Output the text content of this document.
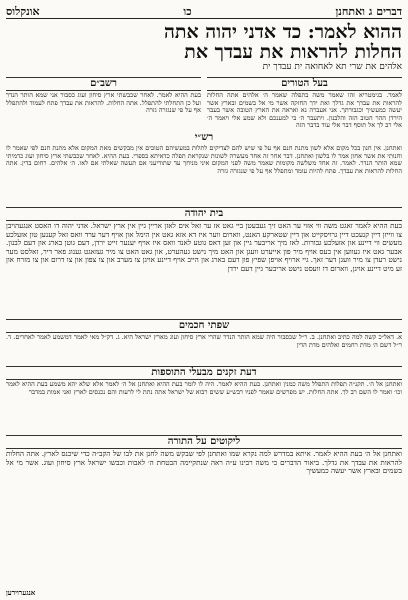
דברים ג ואתחנן
כו
אונקלוס
ההוא לאמר: כד אדני יהוה אתה
החלות להראות את עבדך את
אלהים את שרי תא לאחואה ית עבדך ית
בעל הטורים
לאמר. בגימטריא זהו שאמר משה בתפלה שאמר ה׳ אלהים אתה החלות להראות את עבדך את גדלך ואת ידך החזקה אשר מי אל בשמים ובארץ אשר יעשה כמעשיך וכגבורתך. אני אעברה נא ואראה את הארץ הטובה אשר בעבר הירדן ההר הטוב הזה והלבנון. ויתעבר ה׳ בי למענכם ולא שמע אלי ויאמר ה׳ אלי רב לך אל תוסף דבר אלי עוד בדבר הזה
רשב״ם
בעת ההיא לאמר. לאחר שכבשתי ארץ סיחון ועוג כסבור אני שמא הותר הנדר ועל כן התחלתי להתפלל. אתה החלות. להראות את עבדך פתח לעמוד ולהתפלל אף על פי שנגזרה גזרה
רש״י
ואתחנן. אין חנון בכל מקום אלא לשון מתנת חנם אף על פי שיש להם לצדיקים לתלות במעשיהם הטובים אין מבקשים מאת המקום אלא מתנת חנם לפי שאמר לו וחנותי את אשר אחון אמר לו בלשון ואתחנן. דבר אחר זה אחד מעשרה לשונות שנקראת תפלה כדאיתא בספרי. בעת ההיא. לאחר שכבשתי ארץ סיחון ועוג כדמיתי שמא הותר הנדר. לאמר. זה אחד משלשה מקומות שאמר משה לפני המקום איני מניחך עד שתודיעני אם תעשה שאלתי אם לאו. ה׳ אלהים. רחום בדין. אתה החלות להראות את עבדך. פתח להיות עומד ומתפלל אף על פי שנגזרה גזרה
בית יהודה
בעת ההיא לאמר זאגט משה ווי אזוי ער האט זיך געבעטן ביי גאט אז ער זאל אים לאזן אריין גיין אין ארץ ישראל. אדני יהוה דו האסט אנגעהויבן צו ווייזן דיין קנעכט דיין גרויסקייט און דיין שטארקע האנט, ווארום ווער איז דא אזא גאט אין הימל און אויף דער ערד וואס זאל קענען טון אזעלכע מעשים ווי דיינע און אזעלכע גבורות. לאז מיך אריבער גיין און זען דאס גוטע לאנד וואס איז אויף יענער זייט ירדן, דעם גוטן בארג און דעם לבנון. אבער גאט איז געווען אין כעס אויף מיר פון אייערט וועגן און האט מיך נישט געהערט, און גאט האט צו מיר געזאגט גענוג פאר דיר, זאלסט מער נישט רעדן צו מיר וועגן דער זאך. גיי ארויף אויפן שפיץ פון דעם בארג און הייב אויף דיינע אויגן צו מערב און צו צפון און צו דרום און צו מזרח און זע מיט דיינע אויגן, ווארום דו וועסט נישט אריבער גיין דעם ירדן
שפתי חכמים
א. דאל״כ קשה למה כתיב ואתחנן. ב. ר״ל שכסבור היה שמא הותר הנדר שהרי ארץ סיחון ועוג מארץ ישראל היא. ג. דק״ל מאי לאמר דמשמע לאמר לאחרים. ד. ר״ל דשם ה׳ מדת רחמים ואלהים מדת הדין
דעת זקנים מבעלי התוספות
ואתחנן אל ה׳. תקנ״ה תפלות התפלל משה כמנין ואתחנן. בעת ההיא לאמר. היה לו לומר בעת ההיא ואתחנן אל ה׳ לאמר אלא שלא יהא משמע בעת ההיא לאמר וכו׳ ואמר לו השם רב לך. אתה החלות. יש מפרשים שאמר לפניו רבש״ע ששים רבוא של ישראל אתה נתת לי לרעות והם נכנסים לארץ ואני אמות במדבר
ליקוטים על התורה
ואתחנן אל ה׳ בעת ההיא לאמר. איתא במדרש למה נקרא שמו ואתחנן לפי שבקש משה לחנן את לבו של הקב״ה כדי שיכנס לארץ. אתה החלות להראות את עבדך את גדלך. ביאור הדברים כי משה רבינו ע״ה ראה שנתקיימה הבטחת ה׳ לאבות וכבשו ישראל ארץ סיחון ועוג. אשר מי אל בשמים ובארץ אשר יעשה כמעשיך
אנגערוירען
